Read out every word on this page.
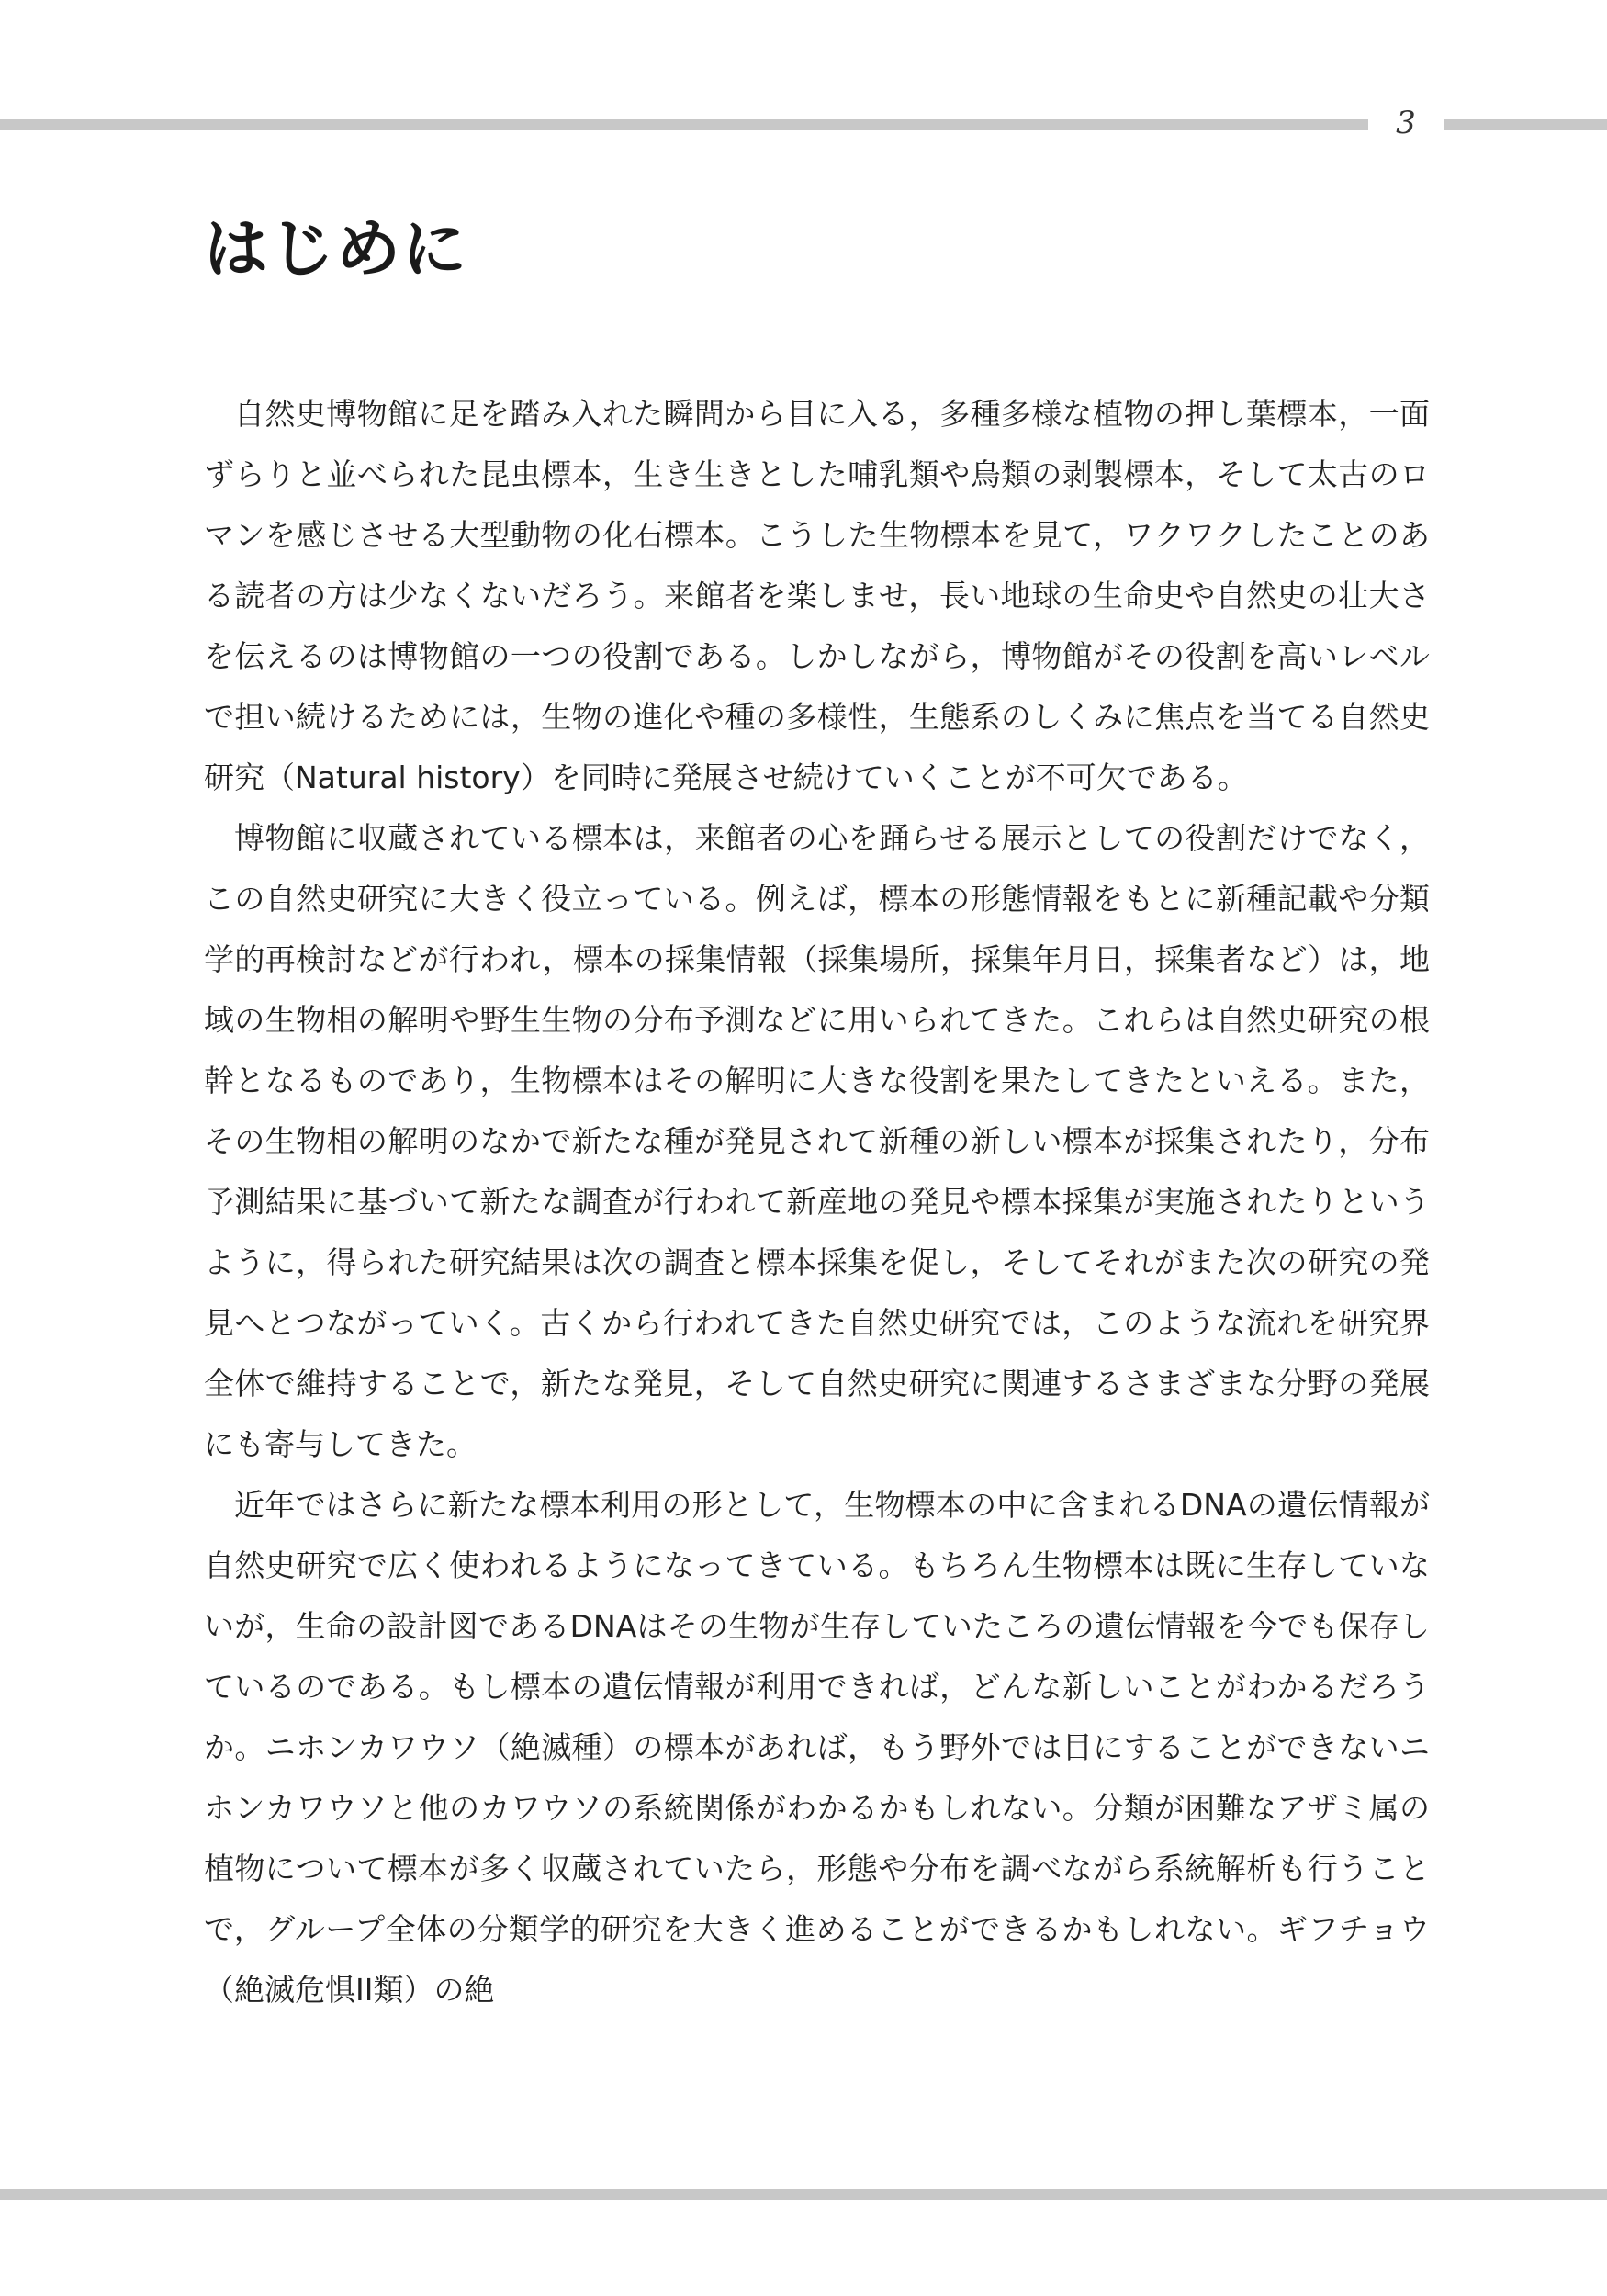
3
はじめに

自然史博物館に足を踏み入れた瞬間から目に入る，多種多様な植物の押し葉標本，一面ずらりと並べられた昆虫標本，生き生きとした哺乳類や鳥類の剥製標本，そして太古のロマンを感じさせる大型動物の化石標本。こうした生物標本を見て，ワクワクしたことのある読者の方は少なくないだろう。来館者を楽しませ，長い地球の生命史や自然史の壮大さを伝えるのは博物館の一つの役割である。しかしながら，博物館がその役割を高いレベルで担い続けるためには，生物の進化や種の多様性，生態系のしくみに焦点を当てる自然史研究（Natural history）を同時に発展させ続けていくことが不可欠である。

博物館に収蔵されている標本は，来館者の心を踊らせる展示としての役割だけでなく，この自然史研究に大きく役立っている。例えば，標本の形態情報をもとに新種記載や分類学的再検討などが行われ，標本の採集情報（採集場所，採集年月日，採集者など）は，地域の生物相の解明や野生生物の分布予測などに用いられてきた。これらは自然史研究の根幹となるものであり，生物標本はその解明に大きな役割を果たしてきたといえる。また，その生物相の解明のなかで新たな種が発見されて新種の新しい標本が採集されたり，分布予測結果に基づいて新たな調査が行われて新産地の発見や標本採集が実施されたりというように，得られた研究結果は次の調査と標本採集を促し，そしてそれがまた次の研究の発見へとつながっていく。古くから行われてきた自然史研究では，このような流れを研究界全体で維持することで，新たな発見，そして自然史研究に関連するさまざまな分野の発展にも寄与してきた。

近年ではさらに新たな標本利用の形として，生物標本の中に含まれるDNAの遺伝情報が自然史研究で広く使われるようになってきている。もちろん生物標本は既に生存していないが，生命の設計図であるDNAはその生物が生存していたころの遺伝情報を今でも保存しているのである。もし標本の遺伝情報が利用できれば，どんな新しいことがわかるだろうか。ニホンカワウソ（絶滅種）の標本があれば，もう野外では目にすることができないニホンカワウソと他のカワウソの系統関係がわかるかもしれない。分類が困難なアザミ属の植物について標本が多く収蔵されていたら，形態や分布を調べながら系統解析も行うことで，グループ全体の分類学的研究を大きく進めることができるかもしれない。ギフチョウ（絶滅危惧II類）の絶
